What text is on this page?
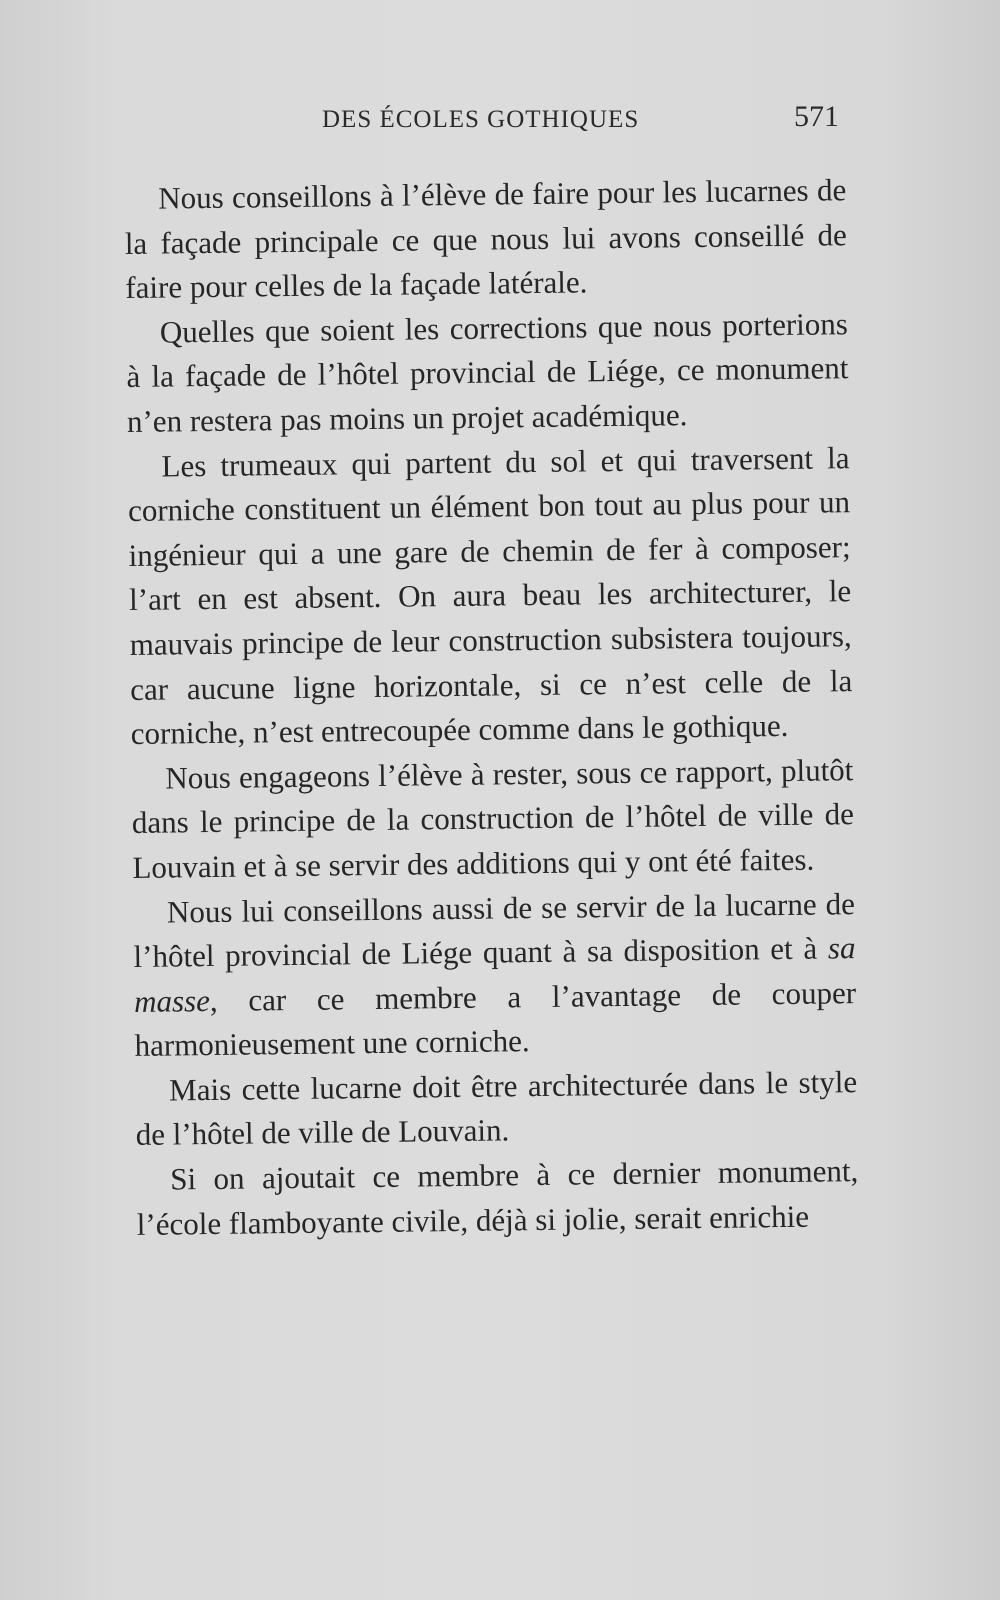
DES ÉCOLES GOTHIQUES	571

Nous conseillons à l’élève de faire pour les lucarnes de la façade principale ce que nous lui avons conseillé de faire pour celles de la façade latérale.

Quelles que soient les corrections que nous porterions à la façade de l’hôtel provincial de Liége, ce monument n’en restera pas moins un projet académique.

Les trumeaux qui partent du sol et qui traversent la corniche constituent un élément bon tout au plus pour un ingénieur qui a une gare de chemin de fer à composer; l’art en est absent. On aura beau les architecturer, le mauvais principe de leur construction subsistera toujours, car aucune ligne horizontale, si ce n’est celle de la corniche, n’est entrecoupée comme dans le gothique.

Nous engageons l’élève à rester, sous ce rapport, plutôt dans le principe de la construction de l’hôtel de ville de Louvain et à se servir des additions qui y ont été faites.

Nous lui conseillons aussi de se servir de la lucarne de l’hôtel provincial de Liége quant à sa disposition et à sa masse, car ce membre a l’avantage de couper harmonieusement une corniche.

Mais cette lucarne doit être architecturée dans le style de l’hôtel de ville de Louvain.

Si on ajoutait ce membre à ce dernier monument, l’école flamboyante civile, déjà si jolie, serait enrichie
